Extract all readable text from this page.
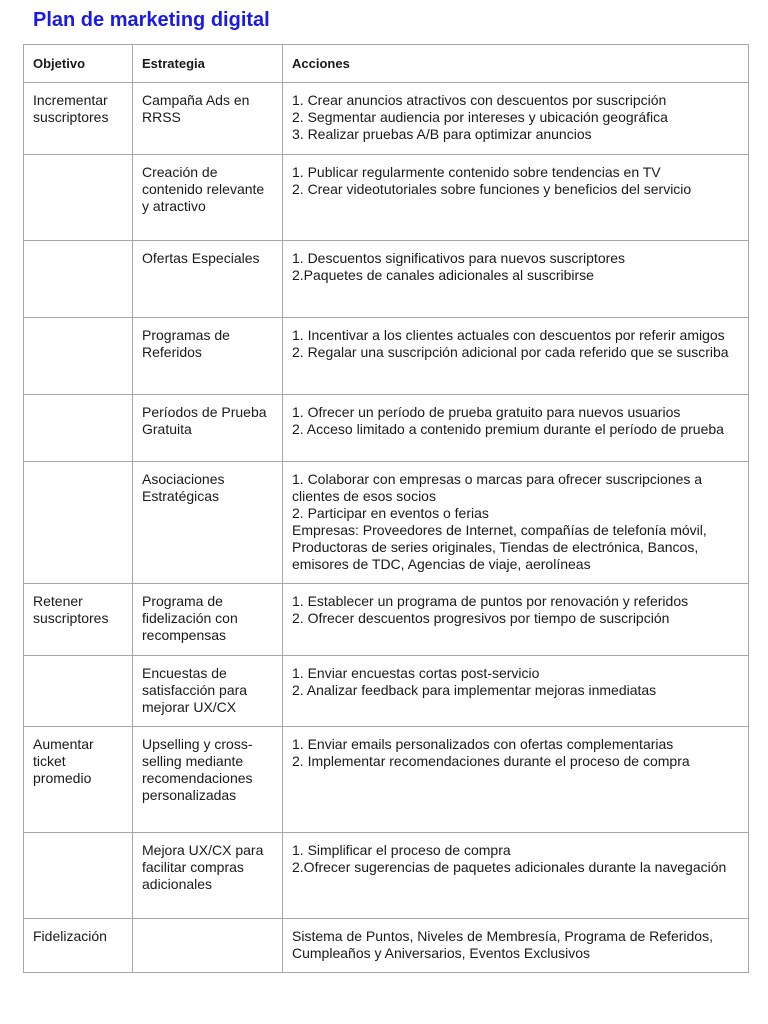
Plan de marketing digital
Objetivo	Estrategia	Acciones
Incrementar suscriptores	Campaña Ads en RRSS	1. Crear anuncios atractivos con descuentos por suscripción
2. Segmentar audiencia por intereses y ubicación geográfica
3. Realizar pruebas A/B para optimizar anuncios

	Creación de contenido relevante y atractivo	1. Publicar regularmente contenido sobre tendencias en TV
2. Crear videotutoriales sobre funciones y beneficios del servicio

	Ofertas Especiales	1. Descuentos significativos para nuevos suscriptores
2.Paquetes de canales adicionales al suscribirse

	Programas de Referidos	1. Incentivar a los clientes actuales con descuentos por referir amigos
2. Regalar una suscripción adicional por cada referido que se suscriba

	Períodos de Prueba Gratuita	1. Ofrecer un período de prueba gratuito para nuevos usuarios
2. Acceso limitado a contenido premium durante el período de prueba

	Asociaciones Estratégicas	1. Colaborar con empresas o marcas para ofrecer suscripciones a clientes de esos socios
2. Participar en eventos o ferias
Empresas: Proveedores de Internet, compañías de telefonía móvil, Productoras de series originales, Tiendas de electrónica, Bancos, emisores de TDC, Agencias de viaje, aerolíneas

Retener suscriptores	Programa de fidelización con recompensas	1. Establecer un programa de puntos por renovación y referidos
2. Ofrecer descuentos progresivos por tiempo de suscripción

	Encuestas de satisfacción para mejorar UX/CX	1. Enviar encuestas cortas post-servicio
2. Analizar feedback para implementar mejoras inmediatas

Aumentar ticket promedio	Upselling y cross-selling mediante recomendaciones personalizadas	1. Enviar emails personalizados con ofertas complementarias
2. Implementar recomendaciones durante el proceso de compra

	Mejora UX/CX para facilitar compras adicionales	1. Simplificar el proceso de compra
2.Ofrecer sugerencias de paquetes adicionales durante la navegación

Fidelización		Sistema de Puntos, Niveles de Membresía, Programa de Referidos, Cumpleaños y Aniversarios, Eventos Exclusivos
